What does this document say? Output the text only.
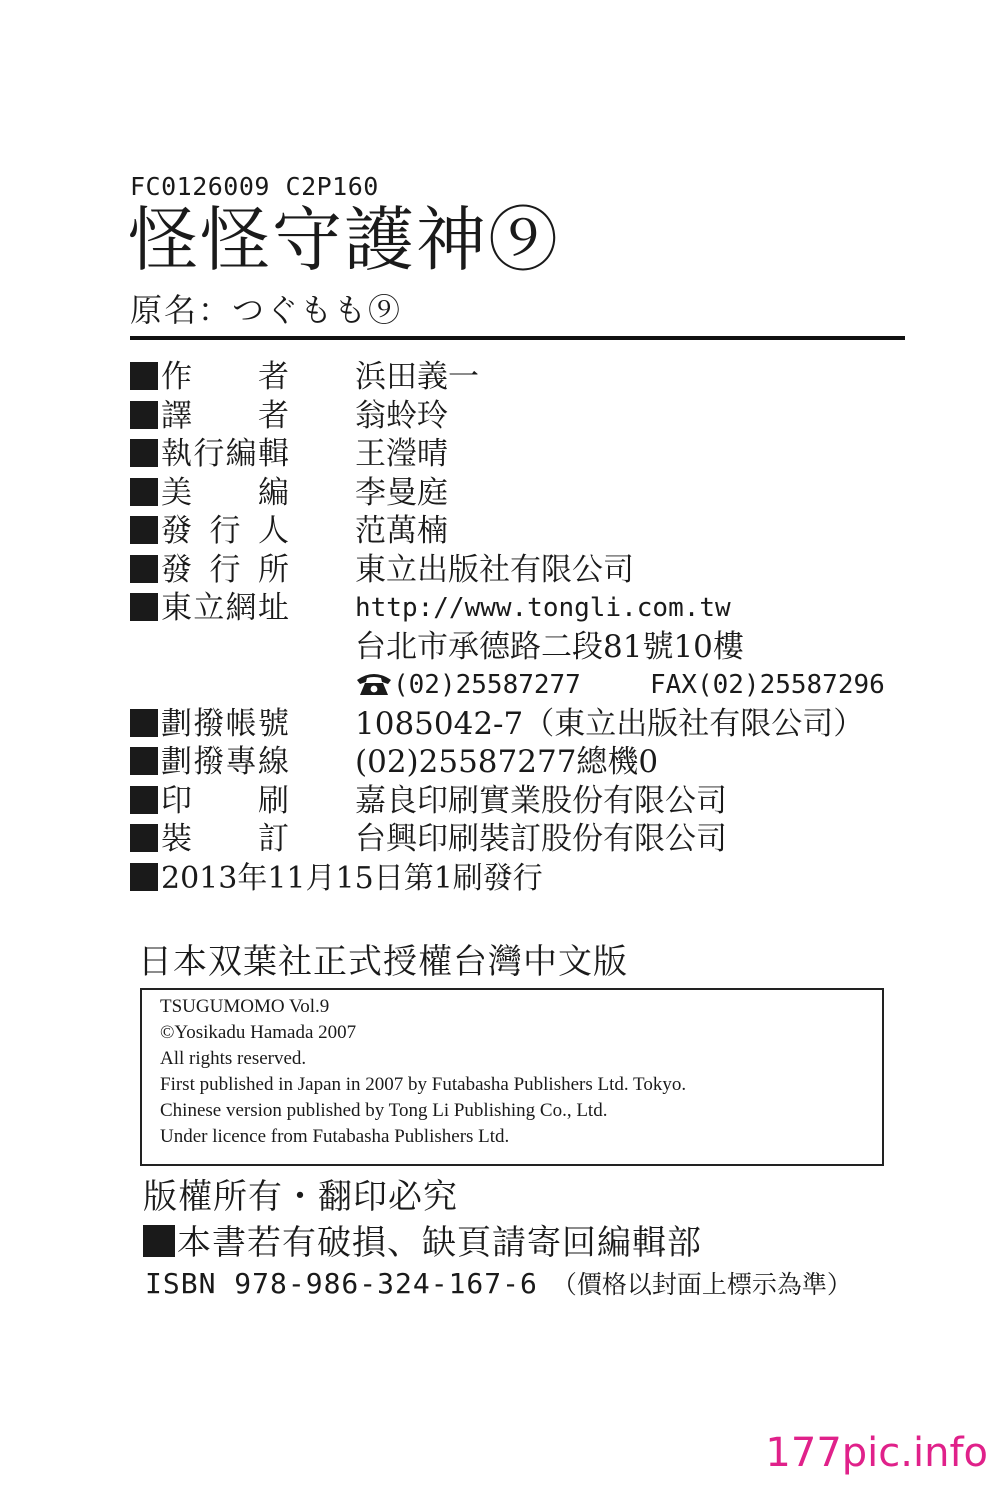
FC0126009 C2P160
怪怪守護神⑨
原名：つぐもも⑨
作　者 浜田義一
譯　者 翁蛉玲
執行編輯 王瀅晴
美　編 李曼庭
發行人 范萬楠
發行所 東立出版社有限公司
東立網址	http://www.tongli.com.tw
台北市承德路二段81號10樓
(02)25587277	FAX(02)25587296
劃撥帳號 1085042-7（東立出版社有限公司）
劃撥專線 (02)25587277總機0
印　刷 嘉良印刷實業股份有限公司
裝　訂 台興印刷裝訂股份有限公司
2013年11月15日第1刷發行
日本双葉社正式授權台灣中文版
TSUGUMOMO Vol.9
©Yosikadu Hamada 2007
All rights reserved.
First published in Japan in 2007 by Futabasha Publishers Ltd. Tokyo.
Chinese version published by Tong Li Publishing Co., Ltd.
Under licence from Futabasha Publishers Ltd.
版權所有・翻印必究
本書若有破損、缺頁請寄回編輯部
ISBN 978-986-324-167-6 （價格以封面上標示為準）
177pic.info
